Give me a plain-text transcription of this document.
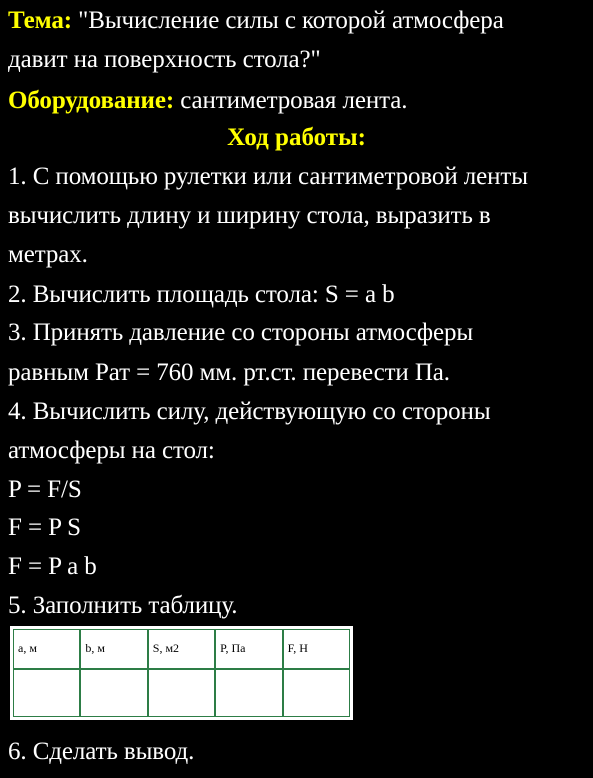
Тема: "Вычисление силы с которой атмосфера
давит на поверхность стола?"
Оборудование: сантиметровая лента.
Ход работы:
1. С помощью рулетки или сантиметровой ленты
вычислить длину и ширину стола, выразить в
метрах.
2. Вычислить площадь стола: S = a b
3. Принять давление со стороны атмосферы
равным Рат = 760 мм. рт.ст. перевести Па.
4. Вычислить силу, действующую со стороны
атмосферы на стол:
P = F/S
F = P S
F = P a b
5. Заполнить таблицу.
a, м	b, м	S, м2	P, Па	F, Н

6. Сделать вывод.
